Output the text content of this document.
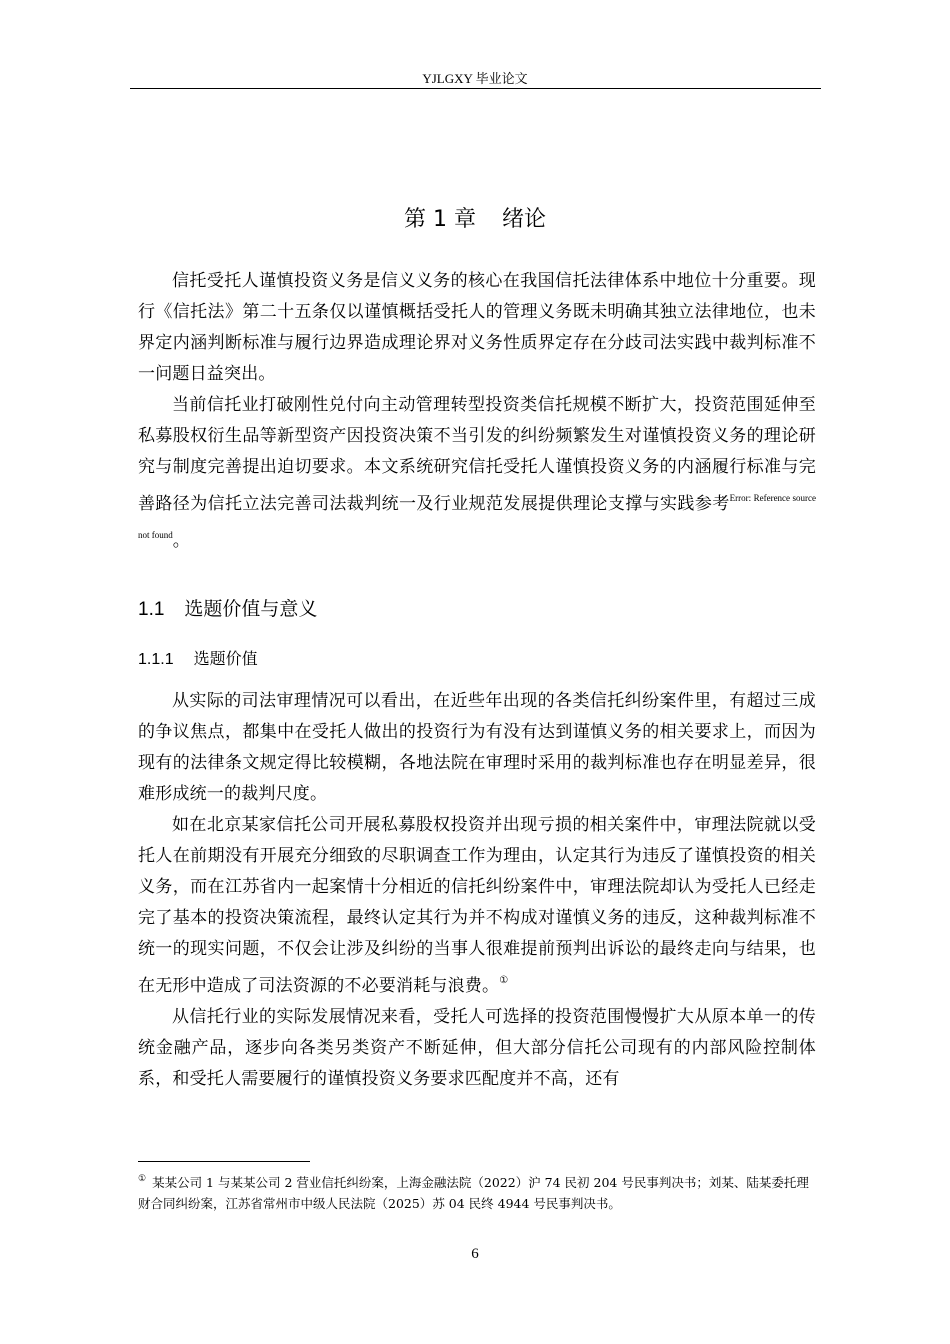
YJLGXY 毕业论文
第 1 章 绪论

信托受托人谨慎投资义务是信义义务的核心在我国信托法律体系中地位十分重要。现行《信托法》第二十五条仅以谨慎概括受托人的管理义务既未明确其独立法律地位，也未界定内涵判断标准与履行边界造成理论界对义务性质界定存在分歧司法实践中裁判标准不一问题日益突出。

当前信托业打破刚性兑付向主动管理转型投资类信托规模不断扩大，投资范围延伸至私募股权衍生品等新型资产因投资决策不当引发的纠纷频繁发生对谨慎投资义务的理论研究与制度完善提出迫切要求。本文系统研究信托受托人谨慎投资义务的内涵履行标准与完善路径为信托立法完善司法裁判统一及行业规范发展提供理论支撑与实践参考$^{Error: Reference source not found}$。

1.1 选题价值与意义
1.1.1 选题价值

从实际的司法审理情况可以看出，在近些年出现的各类信托纠纷案件里，有超过三成的争议焦点，都集中在受托人做出的投资行为有没有达到谨慎义务的相关要求上，而因为现有的法律条文规定得比较模糊，各地法院在审理时采用的裁判标准也存在明显差异，很难形成统一的裁判尺度。

如在北京某家信托公司开展私募股权投资并出现亏损的相关案件中，审理法院就以受托人在前期没有开展充分细致的尽职调查工作为理由，认定其行为违反了谨慎投资的相关义务，而在江苏省内一起案情十分相近的信托纠纷案件中，审理法院却认为受托人已经走完了基本的投资决策流程，最终认定其行为并不构成对谨慎义务的违反，这种裁判标准不统一的现实问题，不仅会让涉及纠纷的当事人很难提前预判出诉讼的最终走向与结果，也在无形中造成了司法资源的不必要消耗与浪费。①

从信托行业的实际发展情况来看，受托人可选择的投资范围慢慢扩大从原本单一的传统金融产品，逐步向各类另类资产不断延伸，但大部分信托公司现有的内部风险控制体系，和受托人需要履行的谨慎投资义务要求匹配度并不高，还有

① 某某公司 1 与某某公司 2 营业信托纠纷案，上海金融法院（2022）沪 74 民初 204 号民事判决书；刘某、陆某委托理财合同纠纷案，江苏省常州市中级人民法院（2025）苏 04 民终 4944 号民事判决书。
6
